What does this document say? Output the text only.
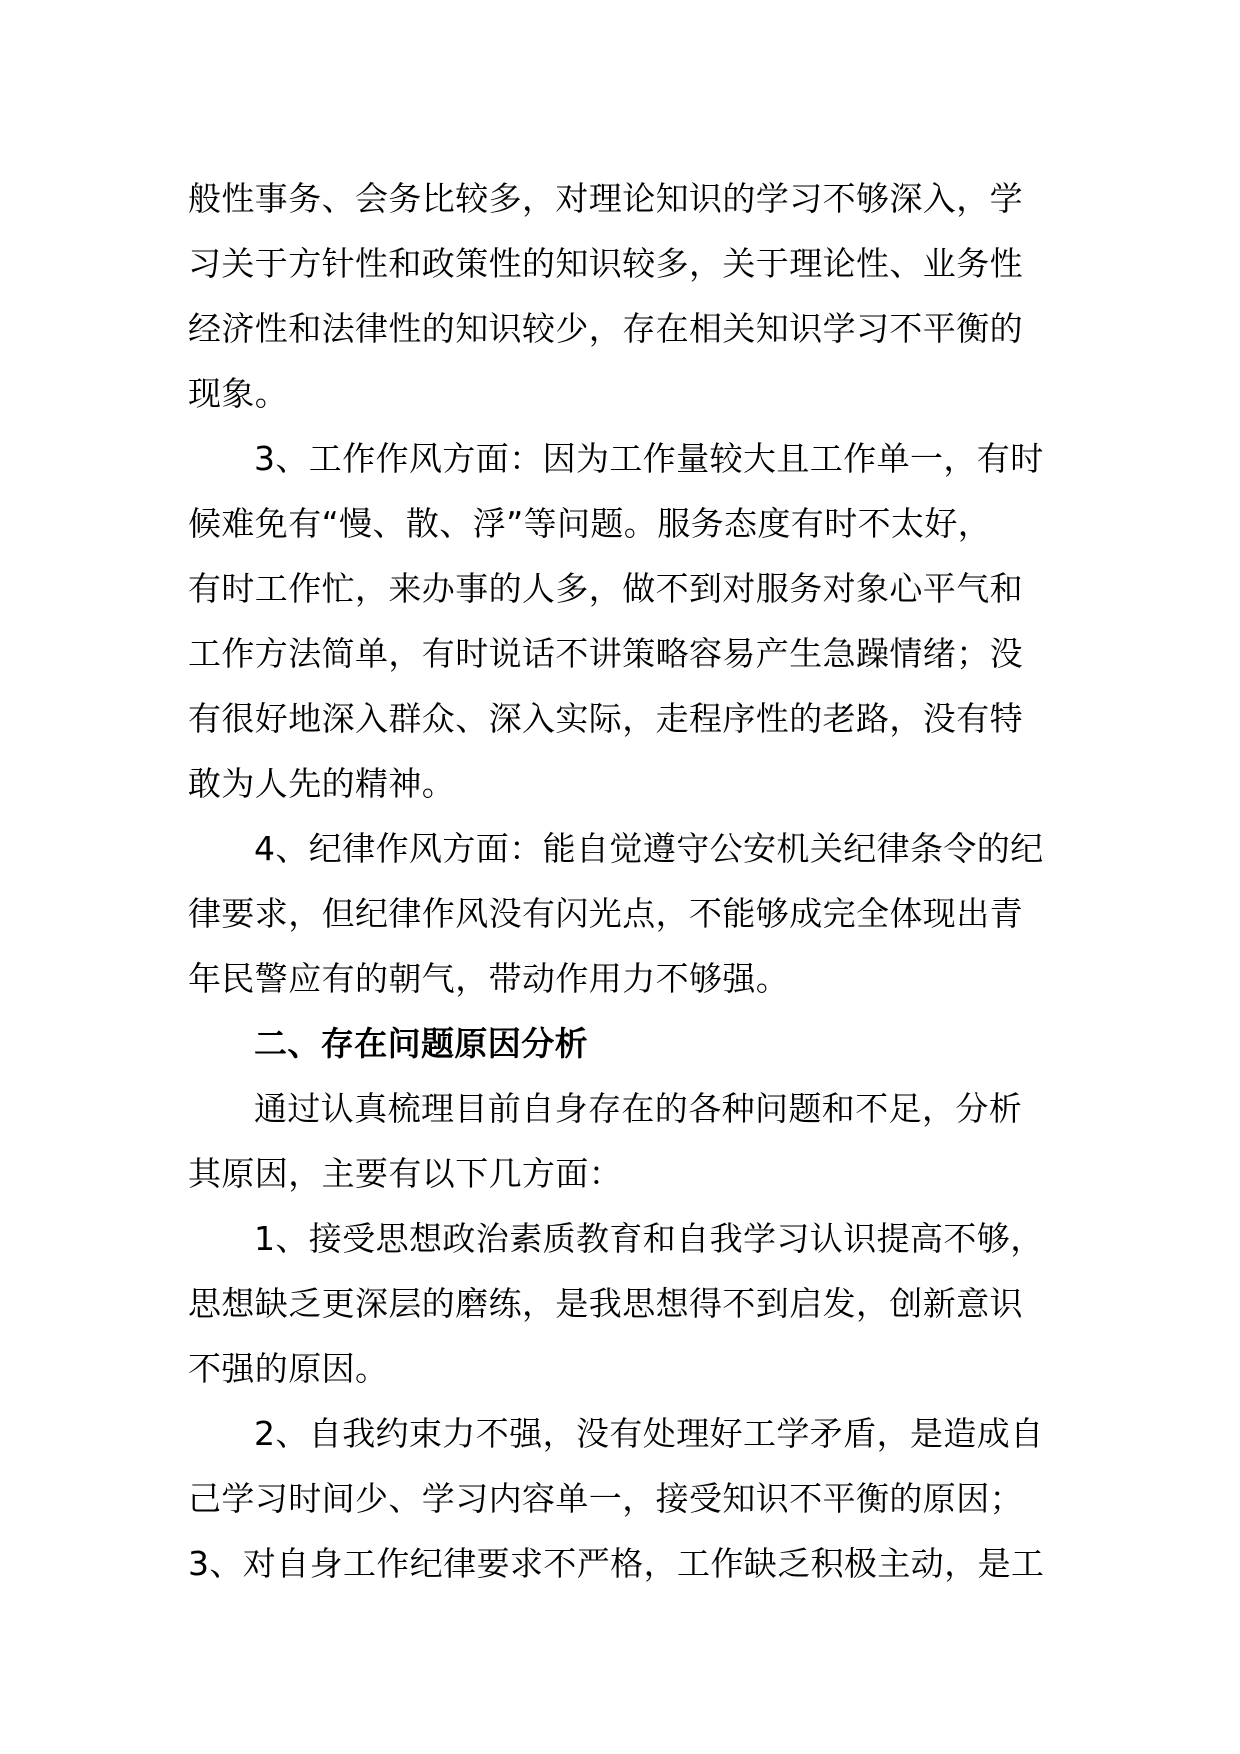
般性事务、会务比较多，对理论知识的学习不够深入，学
习关于方针性和政策性的知识较多，关于理论性、业务性
经济性和法律性的知识较少，存在相关知识学习不平衡的
现象。
3、工作作风方面：因为工作量较大且工作单一，有时
候难免有“慢、散、浮”等问题。服务态度有时不太好，
有时工作忙，来办事的人多，做不到对服务对象心平气和
工作方法简单，有时说话不讲策略容易产生急躁情绪；没
有很好地深入群众、深入实际，走程序性的老路，没有特
敢为人先的精神。
4、纪律作风方面：能自觉遵守公安机关纪律条令的纪
律要求，但纪律作风没有闪光点，不能够成完全体现出青
年民警应有的朝气，带动作用力不够强。
二、存在问题原因分析
通过认真梳理目前自身存在的各种问题和不足，分析
其原因，主要有以下几方面：
1、接受思想政治素质教育和自我学习认识提高不够，
思想缺乏更深层的磨练，是我思想得不到启发，创新意识
不强的原因。
2、自我约束力不强，没有处理好工学矛盾，是造成自
己学习时间少、学习内容单一，接受知识不平衡的原因；
3、对自身工作纪律要求不严格，工作缺乏积极主动，是工
